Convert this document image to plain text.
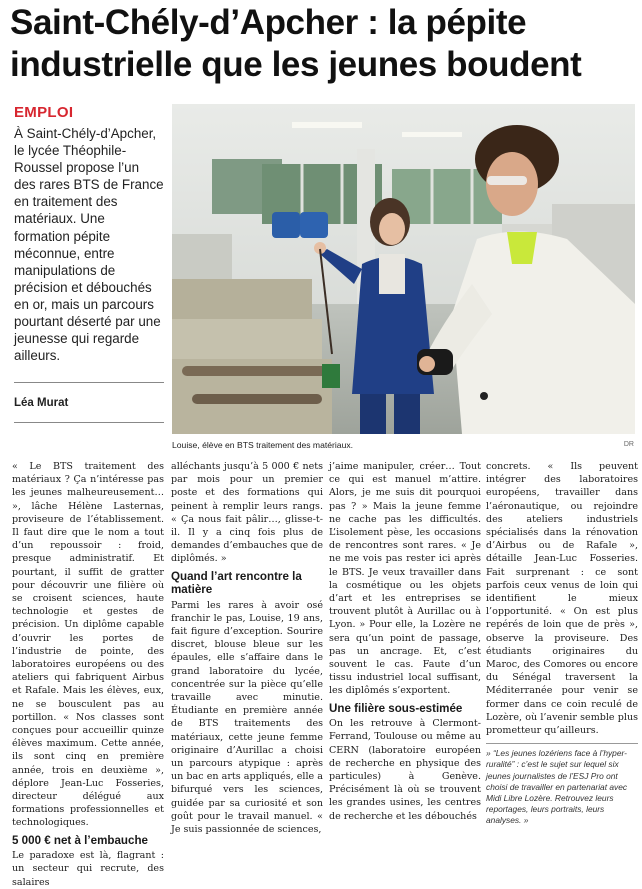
Saint-Chély-d’Apcher : la pépite
industrielle que les jeunes boudent
EMPLOI

À Saint-Chély-d’Apcher, le lycée Théophile-Roussel propose l’un des rares BTS de France en traitement des matériaux. Une formation pépite méconnue, entre manipulations de précision et débouchés en or, mais un parcours pourtant déserté par une jeunesse qui regarde ailleurs.

Léa Murat
Louise, élève en BTS traitement des matériaux.	DR

« Le BTS traitement des matériaux ? Ça n’intéresse pas les jeunes malheureusement… », lâche Hélène Lasternas, proviseure de l’établissement. Il faut dire que le nom a tout d’un repoussoir : froid, presque administratif. Et pourtant, il suffit de gratter pour découvrir une filière où se croisent sciences, haute technologie et gestes de précision. Un diplôme capable d’ouvrir les portes de l’industrie de pointe, des laboratoires européens ou des ateliers qui fabriquent Airbus et Rafale. Mais les élèves, eux, ne se bousculent pas au portillon. « Nos classes sont conçues pour accueillir quinze élèves maximum. Cette année, ils sont cinq en première année, trois en deuxième », déplore Jean-Luc Fosseries, directeur délégué aux formations professionnelles et technologiques.

5 000 € net à l’embauche

Le paradoxe est là, flagrant : un secteur qui recrute, des salaires

alléchants jusqu’à 5 000 € nets par mois pour un premier poste et des formations qui peinent à remplir leurs rangs. « Ça nous fait pâlir…, glisse-t-il. Il y a cinq fois plus de demandes d’embauches que de diplômés. »

Quand l’art rencontre la matière

Parmi les rares à avoir osé franchir le pas, Louise, 19 ans, fait figure d’exception. Sourire discret, blouse bleue sur les épaules, elle s’affaire dans le grand laboratoire du lycée, concentrée sur la pièce qu’elle travaille avec minutie. Étudiante en première année de BTS traitements des matériaux, cette jeune femme originaire d’Aurillac a choisi un parcours atypique : après un bac en arts appliqués, elle a bifurqué vers les sciences, guidée par sa curiosité et son goût pour le travail manuel. « Je suis passionnée de sciences,

j’aime manipuler, créer… Tout ce qui est manuel m’attire. Alors, je me suis dit pourquoi pas ? » Mais la jeune femme ne cache pas les difficultés. L’isolement pèse, les occasions de rencontres sont rares. « Je ne me vois pas rester ici après le BTS. Je veux travailler dans la cosmétique ou les objets d’art et les entreprises se trouvent plutôt à Aurillac ou à Lyon. » Pour elle, la Lozère ne sera qu’un point de passage, pas un ancrage. Et, c’est souvent le cas. Faute d’un tissu industriel local suffisant, les diplômés s’exportent.

Une filière sous-estimée

On les retrouve à Clermont-Ferrand, Toulouse ou même au CERN (laboratoire européen de recherche en physique des particules) à Genève. Précisément là où se trouvent les grandes usines, les centres de recherche et les débouchés

concrets. « Ils peuvent intégrer des laboratoires européens, travailler dans l’aéronautique, ou rejoindre des ateliers industriels spécialisés dans la rénovation d’Airbus ou de Rafale », détaille Jean-Luc Fosseries. Fait surprenant : ce sont parfois ceux venus de loin qui identifient le mieux l’opportunité. « On est plus repérés de loin que de près », observe la proviseure. Des étudiants originaires du Maroc, des Comores ou encore du Sénégal traversent la Méditerranée pour venir se former dans ce coin reculé de Lozère, où l’avenir semble plus prometteur qu’ailleurs.

» “Les jeunes lozériens face à l’hyper-ruralité” : c’est le sujet sur lequel six jeunes journalistes de l’ESJ Pro ont choisi de travailler en partenariat avec Midi Libre Lozère. Retrouvez leurs reportages, leurs portraits, leurs analyses. »
